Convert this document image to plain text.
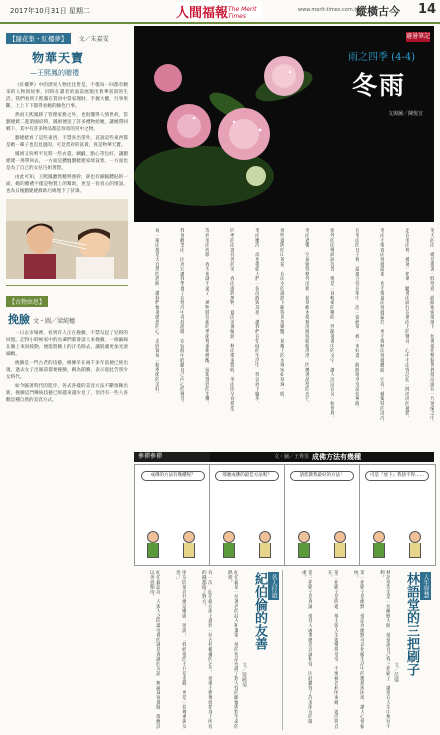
2017年10月31日 星期二	人間福報 The Merit Times
www.merit-times.com.tw
縱橫古今 14
【隨花集・紅樓夢】 文／朱嘉雯
物華天寶
—王熙鳳的贈禮

《紅樓夢》中的漂亮人物比比皆是，不僅每一回都有精采的人物與故事，同時在讀者的面前展現出奢華富貴的生活。我們看到王熙鳳在賈府中當家理財，手握大權，行事果斷，上上下下都得看她的臉色行事。

然而王熙鳳除了管理家務之外，也很懂得人情世故，當劉姥姥二進榮國府時，鳳姐便送了許多禮物給她，讓她帶回鄉下，其中有許多物品都是珍貴的宮中之物。

劉姥姥看了這些東西，不禁喜出望外，直說這些東西都是她一輩子也沒見過的，可見賈府的富貴，真是物華天寶。

鳳姐又吩咐平兒將一些衣裳、綢緞、點心等包好，讓劉姥姥一併帶回去，一方面是體恤劉姥姥家境貧寒，一方面也是為了自己的女兒巧姐著想。

由此可知，王熙鳳雖然精明強幹，卻也有細膩體貼的一面，她的贈禮不僅是物質上的幫助，更是一份真心的情誼，也為日後劉姥姥救助巧姐埋下了伏筆。

【古物由思】
挽臉 文・圖／梁純穗

一日去市場裡，看到有人正在挽臉，不禁勾起了兒時的回憶。記得小時候家中的長輩們都會請人來挽臉，一條細線在臉上來回絞動，便能將臉上的汗毛除去，讓肌膚更加光滑細緻。

挽臉是一門古老的技藝，相傳早在兩千多年前便已經出現，過去女子出嫁前都要挽臉，稱為開臉，表示從此告別少女時代。

如今隨著時代的進步，各式各樣的美容方法不斷推陳出新，挽臉這門傳統技藝已經越來越少見了，但仍有一些人喜歡這種自然的美容方式。

避暑筆記
雨之四季 (4-4)
冬雨
文與圖／陳悅宣
冬天的雨，總是帶著一股寒意，細細密密地落下，彷彿要把整個世界都浸濕在一片迷濛之中。
走在冬雨裡，撐著一把傘，聽著雨滴打在傘面上的聲音，心中不由得泛起一陣淡淡的憂愁。
冬雨不像春雨那樣溫柔，也不像夏雨那樣猛烈，更不像秋雨那樣纏綿，它有一種獨特的清冷。
在冬雨的日子裡，最適合待在家中，泡一壺熱茶，捧一本好書，靜靜地享受這份寧靜。
窗外的雨聲滴滴答答，像是一首輕柔的樂曲，伴隨著書中的文字，讓人沉浸在另一個世界。
冬雨過後，空氣變得格外清新，花草樹木都被洗滌得乾乾淨淨，閃爍著晶瑩的光芒。
那些盛開的山茶花，在雨水的滋潤下顯得更加嬌豔，花瓣上的水珠宛如珍珠一般。
冬雨雖冷，卻也帶給人們一份沉靜與反思，讓我們在忙碌的生活中，得以停下腳步。
四季的雨各有各的美，春雨滋潤萬物，夏雨消暑解熱，秋雨帶來豐收，冬雨則孕育希望。
等到冬雨停歇，春天也就不遠了，萬物將在新的季節裡重新甦醒，展現蓬勃的生機。
我喜歡冬雨，因為它讓我學會了在寒冷中尋找溫暖，在寂靜中聆聽自己內心的聲音。
每一場雨都是大自然的恩賜，讓我們懷著感恩的心，去欣賞每一個季節的美好。
參禪參禪	文・圖／王秀里 成佛方法有幾種
成佛的方法有幾種呢？	那麼成佛的最佳方法呢？	請您教我最好的方法！	可是『放下』我捨不得……
人生智慧
林語堂的三把刷子
文／范儀
林語堂先生是一位幽默大師，他常說自己有三把刷子，讓他在人生中無往不利。
第一把刷子是幽默，他認為幽默可以化解生活中的尷尬與困境，讓人心情愉快。
第二把刷子是閒適，他主張人生要懂得享受，不要被名利所束縛，要活得自在。
第三把刷子是真誠，他待人處事總是以誠相待，因此贏得了許多朋友的敬重。
名人行誼
紀伯倫的友善
文／梁曉菊
紀伯倫是一位著名的詩人和畫家，他的作品充滿了對人性的關懷與對生命的熱愛。
有一次，紀伯倫在街上遇到一位衣衫襤褸的乞丐，他毫不猶豫地把身上所有的錢都給了對方。
朋友問他為什麼這麼做，他說：「我給他的不只是金錢，更是一份尊重與友善。」
紀伯倫認為，人與人之間最可貴的就是真誠的友誼，無論貧富貴賤，都應該以善意相待。
